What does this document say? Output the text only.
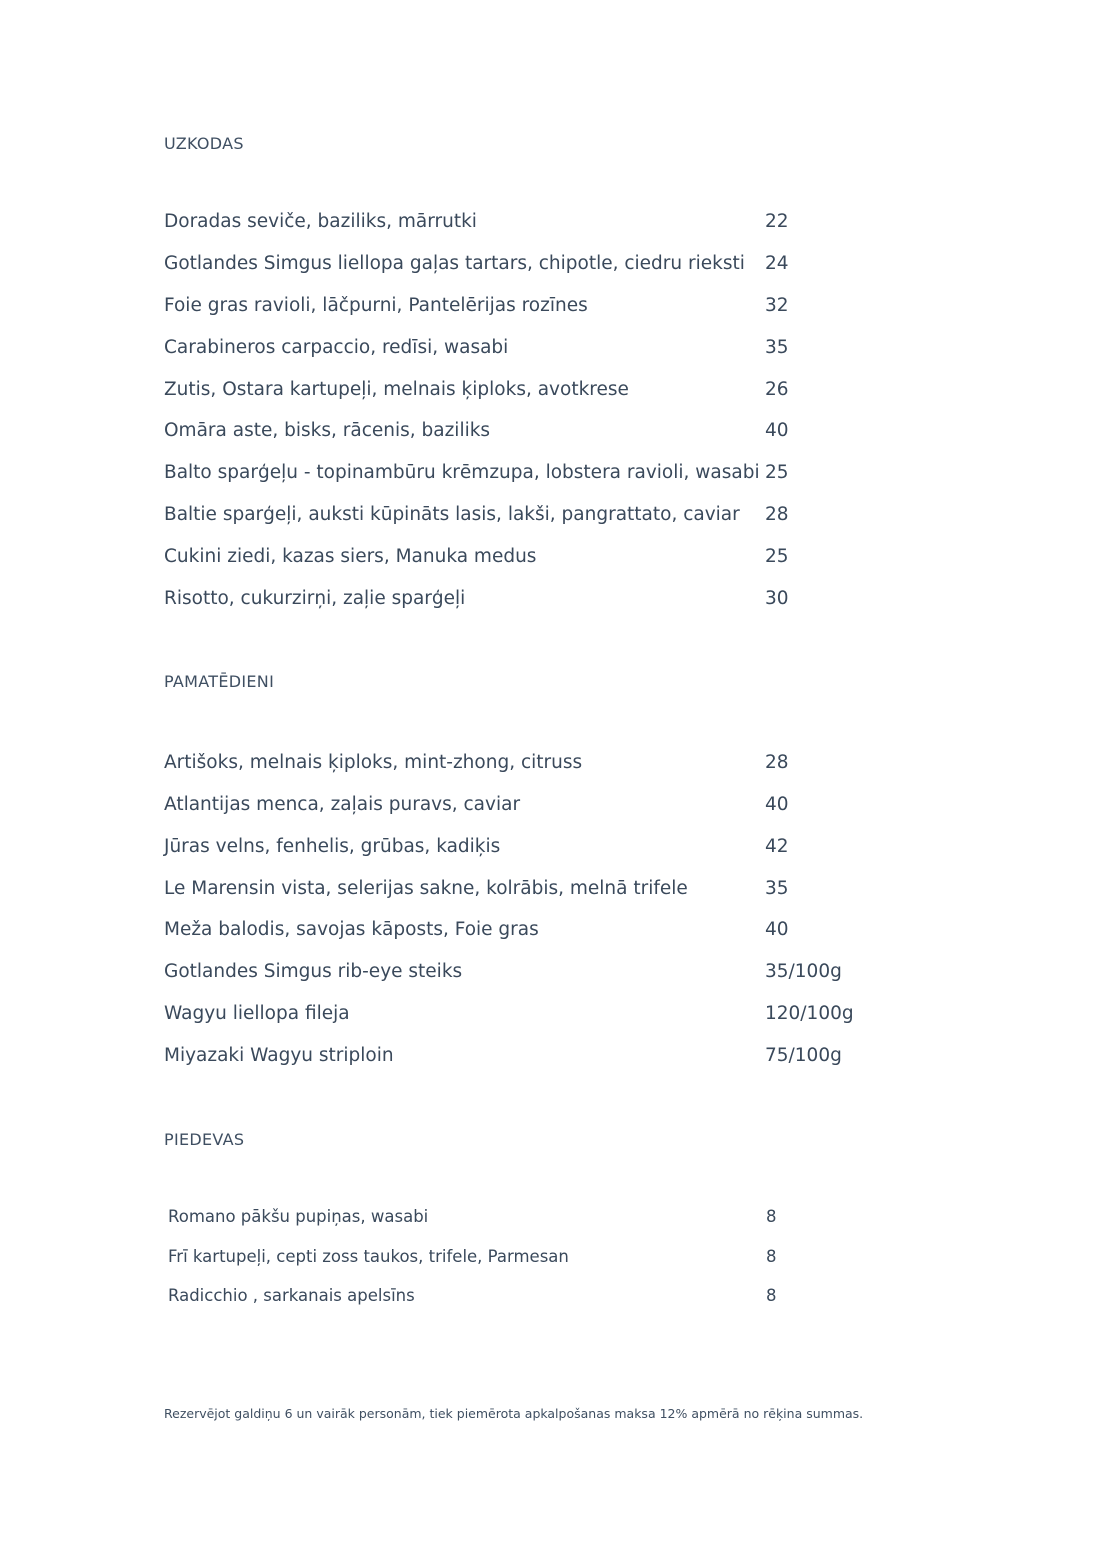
UZKODAS
Doradas seviče, baziliks, mārrutki	22
Gotlandes Simgus liellopa gaļas tartars, chipotle, ciedru rieksti 24
Foie gras ravioli, lāčpurni, Pantelērijas rozīnes	32
Carabineros carpaccio, redīsi, wasabi	35
Zutis, Ostara kartupeļi, melnais ķiploks, avotkrese	26
Omāra aste, bisks, rācenis, baziliks	40
Balto sparģeļu - topinambūru krēmzupa, lobstera ravioli, wasabi 25
Baltie sparģeļi, auksti kūpināts lasis, lakši, pangrattato, caviar 28
Cukini ziedi, kazas siers, Manuka medus	25
Risotto, cukurzirņi, zaļie sparģeļi	30
PAMATĒDIENI
Artišoks, melnais ķiploks, mint-zhong, citruss	28
Atlantijas menca, zaļais puravs, caviar	40
Jūras velns, fenhelis, grūbas, kadiķis	42
Le Marensin vista, selerijas sakne, kolrābis, melnā trifele	35
Meža balodis, savojas kāposts, Foie gras	40
Gotlandes Simgus rib-eye steiks	35/100g
Wagyu liellopa fileja	120/100g
Miyazaki Wagyu striploin	75/100g
PIEDEVAS
Romano pākšu pupiņas, wasabi	8
Frī kartupeļi, cepti zoss taukos, trifele, Parmesan	8
Radicchio , sarkanais apelsīns	8
Rezervējot galdiņu 6 un vairāk personām, tiek piemērota apkalpošanas maksa 12% apmērā no rēķina summas.
